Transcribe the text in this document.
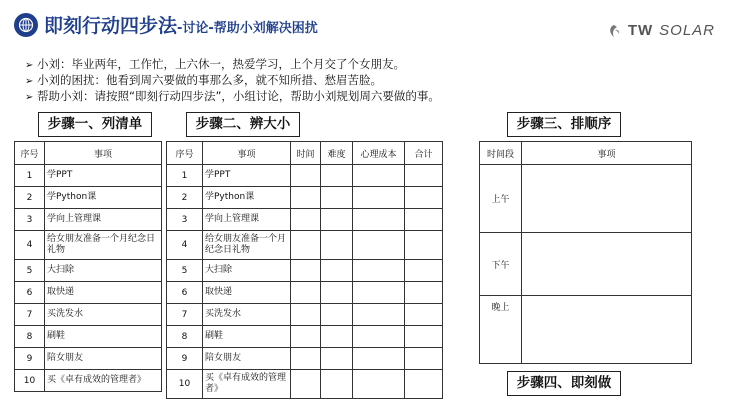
即刻行动四步法-讨论-帮助小刘解决困扰	TW SOLAR
➢ 小刘：毕业两年，工作忙，上六休一，热爱学习，上个月交了个女朋友。
➢ 小刘的困扰：他看到周六要做的事那么多，就不知所措、愁眉苦脸。
➢ 帮助小刘：请按照“即刻行动四步法”，小组讨论，帮助小刘规划周六要做的事。
步骤一、列清单	步骤二、辨大小	步骤三、排顺序
步骤四、即刻做
序号	事项
1	学PPT
2	学Python课
3	学向上管理课
4	给女朋友准备一个月纪念日礼物
5	大扫除
6	取快递
7	买洗发水
8	刷鞋
9	陪女朋友
10	买《卓有成效的管理者》
序号	事项	时间	难度	心理成本	合计
1	学PPT				
2	学Python课				
3	学向上管理课				
4	给女朋友准备一个月纪念日礼物				
5	大扫除				
6	取快递				
7	买洗发水				
8	刷鞋				
9	陪女朋友				
10	买《卓有成效的管理者》				
时间段	事项
上午	
下午	
晚上	
